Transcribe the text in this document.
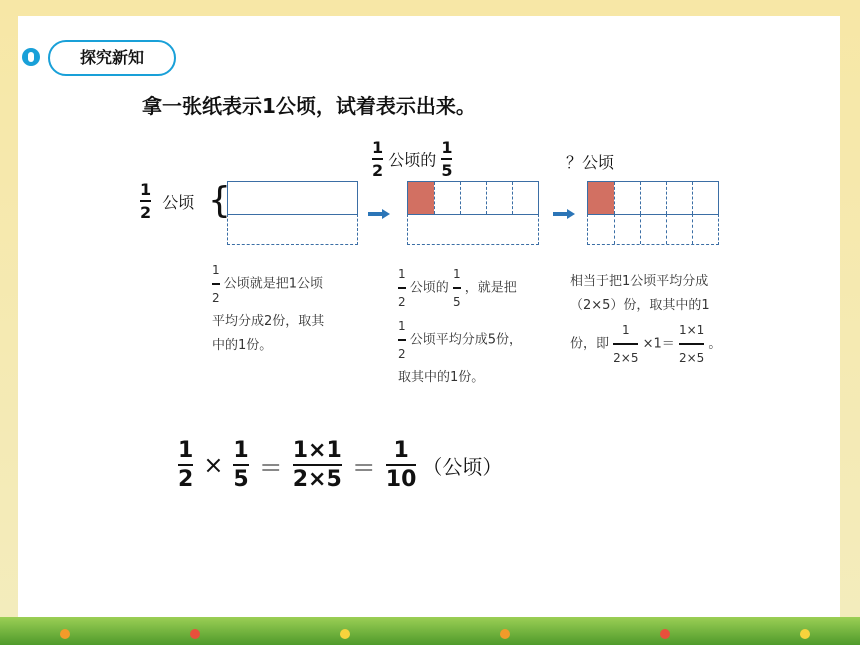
探究新知
拿一张纸表示1公顷，试着表示出来。
$\frac{1}{2}$ 公顷 {
$\frac{1}{2}$ 公顷的 $\frac{1}{5}$	？公顷
$\frac{1}{2}$ 公顷就是把1公顷
平均分成2份，取其
中的1份。
$\frac{1}{2}$ 公顷的 $\frac{1}{5}$ ，就是把
$\frac{1}{2}$ 公顷平均分成5份，
取其中的1份。
相当于把1公顷平均分成
（2×5）份，取其中的1
份，即 $\frac{1}{2\times 5} \times 1= \frac{1\times 1}{2\times 5}$ 。
$\frac{1}{2} \times \frac{1}{5} = \frac{1\times 1}{2\times 5} = \frac{1}{10}$ （公顷）
